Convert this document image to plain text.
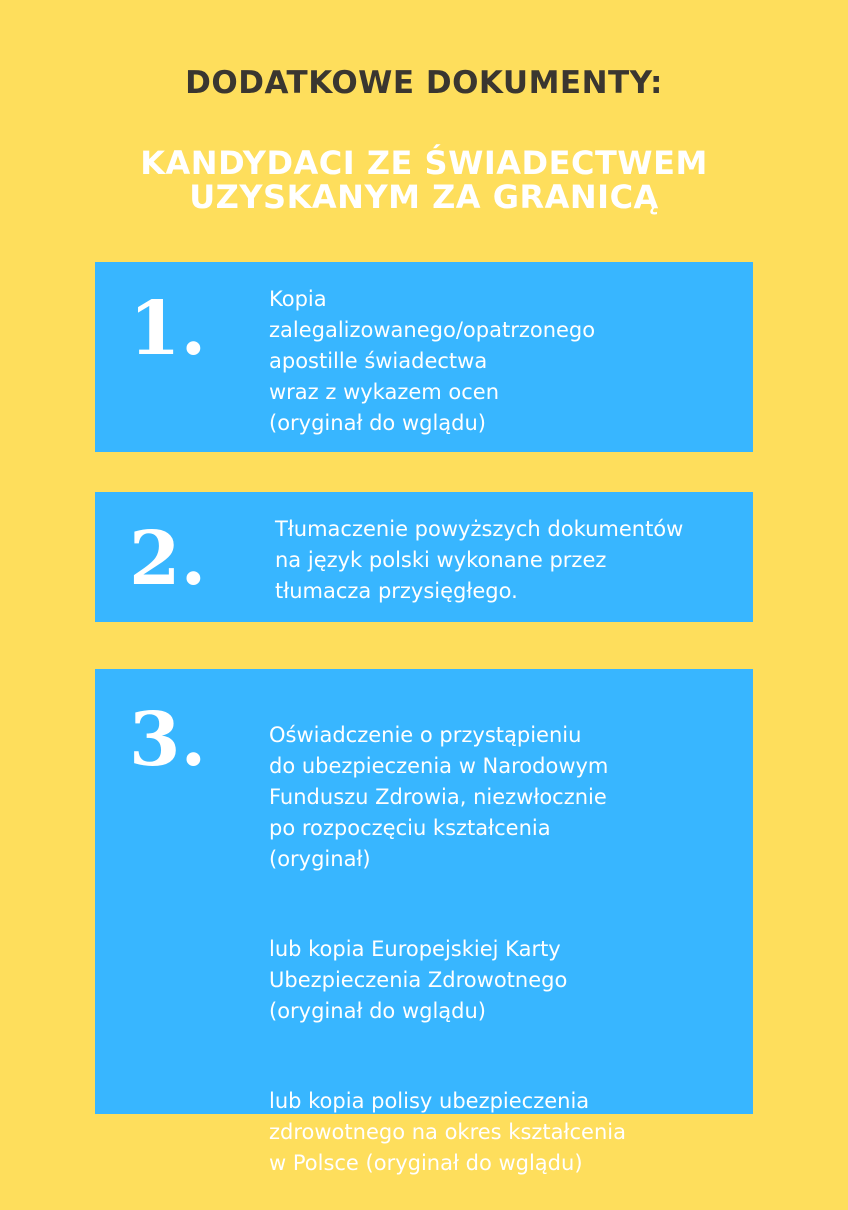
DODATKOWE DOKUMENTY:
KANDYDACI ZE ŚWIADECTWEM
UZYSKANYM ZA GRANICĄ
1.	Kopia
zalegalizowanego/opatrzonego
apostille świadectwa
wraz z wykazem ocen
(oryginał do wglądu)
2.	Tłumaczenie powyższych dokumentów
na język polski wykonane przez
tłumacza przysięgłego.
3.	Oświadczenie o przystąpieniu
do ubezpieczenia w Narodowym
Funduszu Zdrowia, niezwłocznie
po rozpoczęciu kształcenia
(oryginał)

lub kopia Europejskiej Karty
Ubezpieczenia Zdrowotnego
(oryginał do wglądu)

lub kopia polisy ubezpieczenia
zdrowotnego na okres kształcenia
w Polsce (oryginał do wglądu)
